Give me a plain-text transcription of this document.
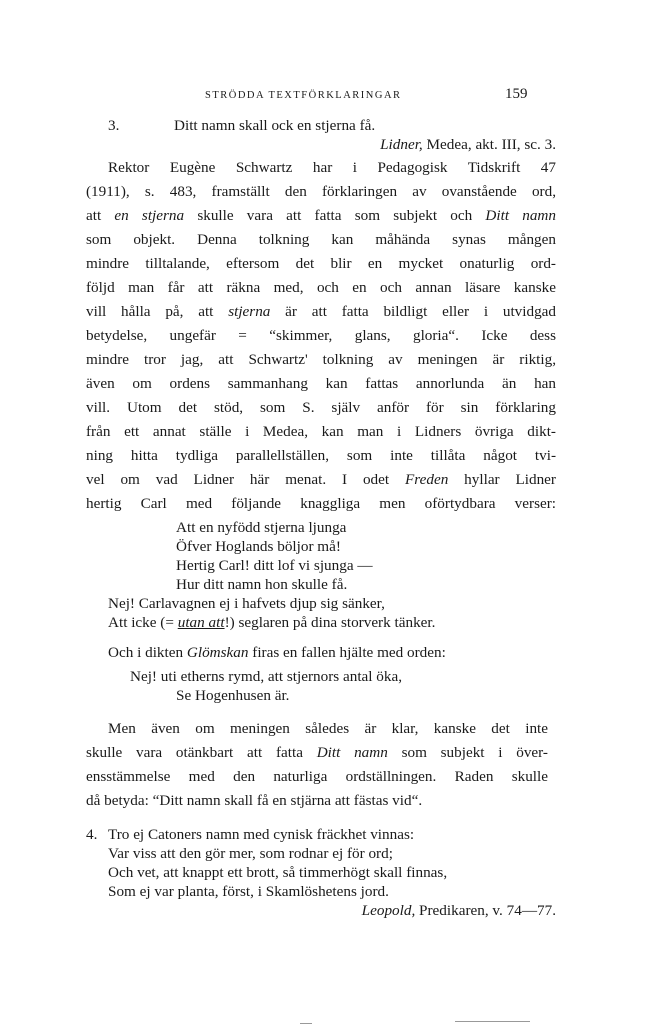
STRÖDDA TEXTFÖRKLARINGAR	159
3.	Ditt namn skall ock en stjerna få.
Lidner, Medea, akt. III, sc. 3.
Rektor Eugène Schwartz har i Pedagogisk Tidskrift 47
(1911), s. 483, framställt den förklaringen av ovanstående ord,
att en stjerna skulle vara att fatta som subjekt och Ditt namn
som objekt. Denna tolkning kan måhända synas mången
mindre tilltalande, eftersom det blir en mycket onaturlig ord-
följd man får att räkna med, och en och annan läsare kanske
vill hålla på, att stjerna är att fatta bildligt eller i utvidgad
betydelse, ungefär = “skimmer, glans, gloria“. Icke dess
mindre tror jag, att Schwartz' tolkning av meningen är riktig,
även om ordens sammanhang kan fattas annorlunda än han
vill. Utom det stöd, som S. själv anför för sin förklaring
från ett annat ställe i Medea, kan man i Lidners övriga dikt-
ning hitta tydliga parallellställen, som inte tillåta något tvi-
vel om vad Lidner här menat. I odet Freden hyllar Lidner
hertig Carl med följande knaggliga men oförtydbara verser:
Att en nyfödd stjerna ljunga
Öfver Hoglands böljor må!
Hertig Carl! ditt lof vi sjunga —
Hur ditt namn hon skulle få.
Nej! Carlavagnen ej i hafvets djup sig sänker,
Att icke (= utan att!) seglaren på dina storverk tänker.
Och i dikten Glömskan firas en fallen hjälte med orden:
Nej! uti etherns rymd, att stjernors antal öka,
Se Hogenhusen är.
Men även om meningen således är klar, kanske det inte
skulle vara otänkbart att fatta Ditt namn som subjekt i över-
ensstämmelse med den naturliga ordställningen. Raden skulle
då betyda: “Ditt namn skall få en stjärna att fästas vid“.
4. Tro ej Catoners namn med cynisk fräckhet vinnas:
Var viss att den gör mer, som rodnar ej för ord;
Och vet, att knappt ett brott, så timmerhögt skall finnas,
Som ej var planta, först, i Skamlöshetens jord.
Leopold, Predikaren, v. 74—77.
